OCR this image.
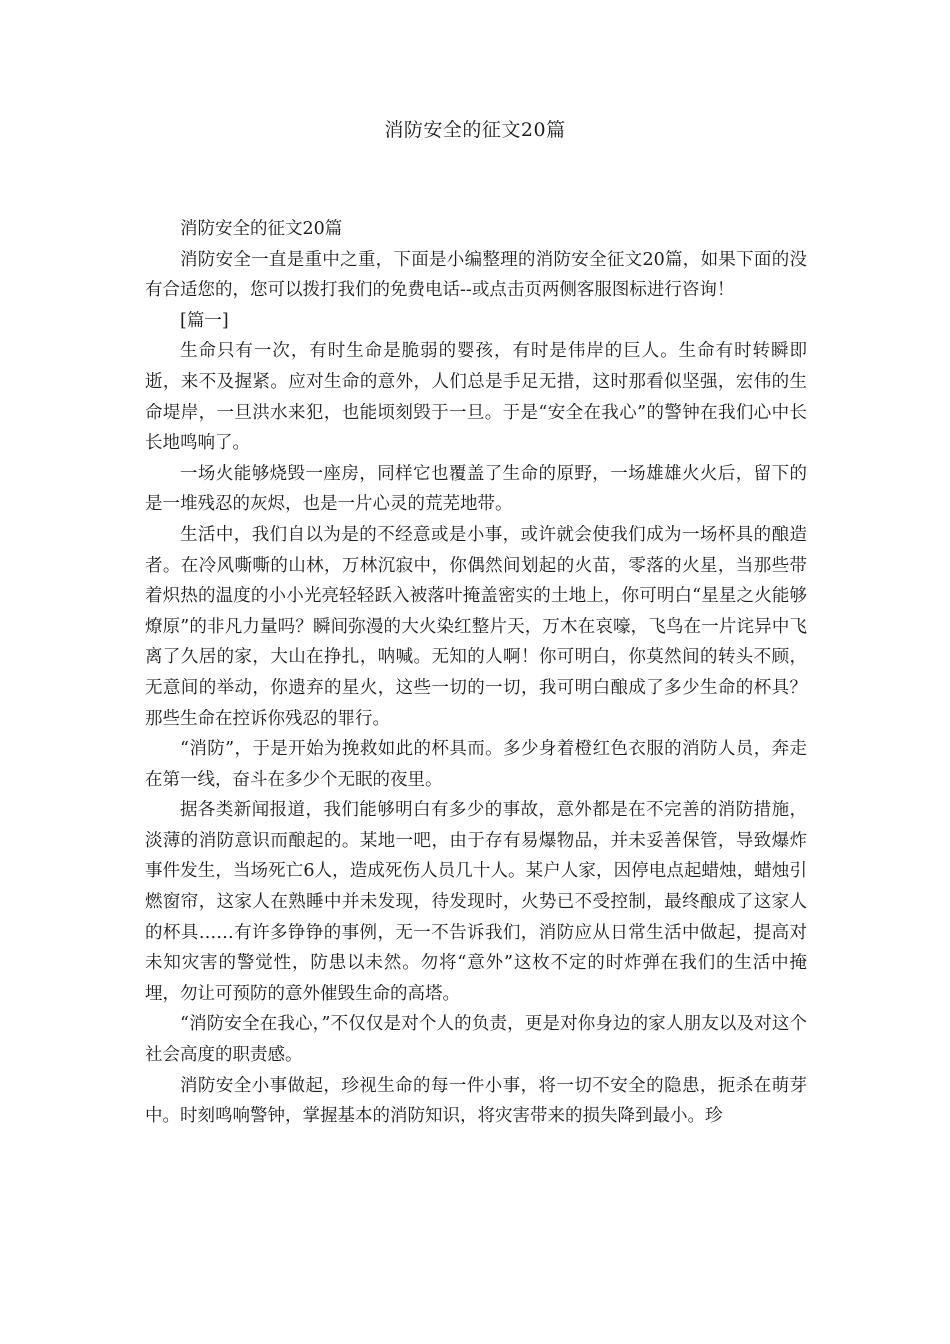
消防安全的征文20篇

消防安全的征文20篇

消防安全一直是重中之重，下面是小编整理的消防安全征文20篇，如果下面的没有合适您的，您可以拨打我们的免费电话--或点击页两侧客服图标进行咨询！

[篇一]

生命只有一次，有时生命是脆弱的婴孩，有时是伟岸的巨人。生命有时转瞬即逝，来不及握紧。应对生命的意外，人们总是手足无措，这时那看似坚强，宏伟的生命堤岸，一旦洪水来犯，也能顷刻毁于一旦。于是“安全在我心”的警钟在我们心中长长地鸣响了。

一场火能够烧毁一座房，同样它也覆盖了生命的原野，一场雄雄火火后，留下的是一堆残忍的灰烬，也是一片心灵的荒芜地带。

生活中，我们自以为是的不经意或是小事，或许就会使我们成为一场杯具的酿造者。在冷风嘶嘶的山林，万林沉寂中，你偶然间划起的火苗，零落的火星，当那些带着炽热的温度的小小光亮轻轻跃入被落叶掩盖密实的土地上，你可明白“星星之火能够燎原”的非凡力量吗？瞬间弥漫的大火染红整片天，万木在哀嚎，飞鸟在一片诧异中飞离了久居的家，大山在挣扎，呐喊。无知的人啊！你可明白，你莫然间的转头不顾，无意间的举动，你遗弃的星火，这些一切的一切，我可明白酿成了多少生命的杯具？那些生命在控诉你残忍的罪行。

“消防”，于是开始为挽救如此的杯具而。多少身着橙红色衣服的消防人员，奔走在第一线，奋斗在多少个无眠的夜里。

据各类新闻报道，我们能够明白有多少的事故，意外都是在不完善的消防措施，淡薄的消防意识而酿起的。某地一吧，由于存有易爆物品，并未妥善保管，导致爆炸事件发生，当场死亡6人，造成死伤人员几十人。某户人家，因停电点起蜡烛，蜡烛引燃窗帘，这家人在熟睡中并未发现，待发现时，火势已不受控制，最终酿成了这家人的杯具……有许多铮铮的事例，无一不告诉我们，消防应从日常生活中做起，提高对未知灾害的警觉性，防患以未然。勿将“意外”这枚不定的时炸弹在我们的生活中掩埋，勿让可预防的意外催毁生命的高塔。

“消防安全在我心，”不仅仅是对个人的负责，更是对你身边的家人朋友以及对这个社会高度的职责感。

消防安全小事做起，珍视生命的每一件小事，将一切不安全的隐患，扼杀在萌芽中。时刻鸣响警钟，掌握基本的消防知识，将灾害带来的损失降到最小。珍
